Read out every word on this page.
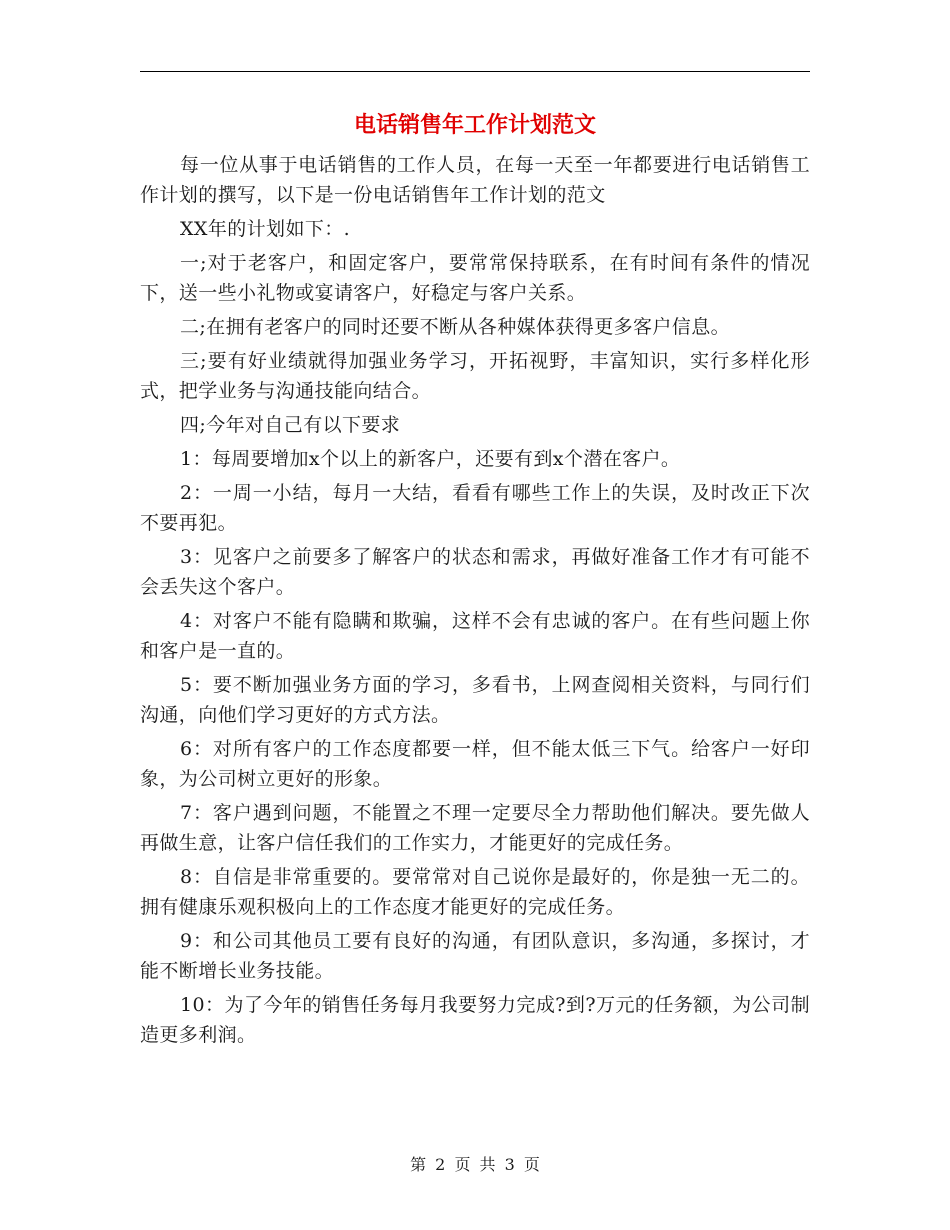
电话销售年工作计划范文

每一位从事于电话销售的工作人员，在每一天至一年都要进行电话销售工作计划的撰写，以下是一份电话销售年工作计划的范文

XX年的计划如下：.

一;对于老客户，和固定客户，要常常保持联系，在有时间有条件的情况下，送一些小礼物或宴请客户，好稳定与客户关系。

二;在拥有老客户的同时还要不断从各种媒体获得更多客户信息。

三;要有好业绩就得加强业务学习，开拓视野，丰富知识，实行多样化形式，把学业务与沟通技能向结合。

四;今年对自己有以下要求

1：每周要增加x个以上的新客户，还要有到x个潜在客户。

2：一周一小结，每月一大结，看看有哪些工作上的失误，及时改正下次不要再犯。

3：见客户之前要多了解客户的状态和需求，再做好准备工作才有可能不会丢失这个客户。

4：对客户不能有隐瞒和欺骗，这样不会有忠诚的客户。在有些问题上你和客户是一直的。

5：要不断加强业务方面的学习，多看书，上网查阅相关资料，与同行们沟通，向他们学习更好的方式方法。

6：对所有客户的工作态度都要一样，但不能太低三下气。给客户一好印象，为公司树立更好的形象。

7：客户遇到问题，不能置之不理一定要尽全力帮助他们解决。要先做人再做生意，让客户信任我们的工作实力，才能更好的完成任务。

8：自信是非常重要的。要常常对自己说你是最好的，你是独一无二的。拥有健康乐观积极向上的工作态度才能更好的完成任务。

9：和公司其他员工要有良好的沟通，有团队意识，多沟通，多探讨，才能不断增长业务技能。

10：为了今年的销售任务每月我要努力完成?到?万元的任务额，为公司制造更多利润。

第 2 页 共 3 页
